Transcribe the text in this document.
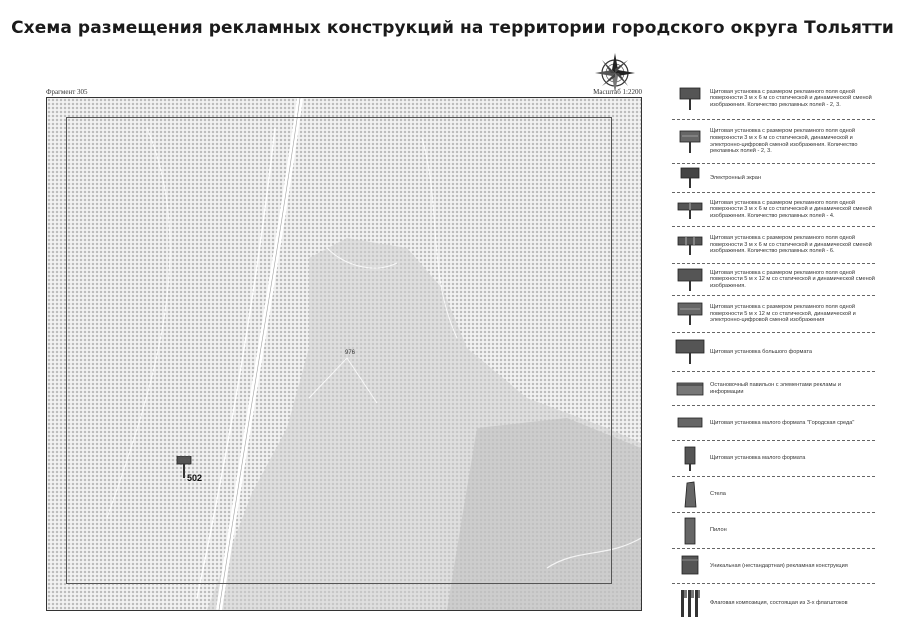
Схема размещения рекламных конструкций на территории городского округа Тольятти
Фрагмент 305	Масштаб 1:2200
976
502
Щитовая установка с размером рекламного поля одной поверхности 3 м х 6 м со статической и динамической сменой изображения. Количество рекламных полей - 2, 3.
Щитовая установка с размером рекламного поля одной поверхности 3 м х 6 м со статической, динамической и электронно-цифровой сменой изображения. Количество рекламных полей - 2, 3.
Электронный экран
Щитовая установка с размером рекламного поля одной поверхности 3 м х 6 м со статической и динамической сменой изображения. Количество рекламных полей - 4.
Щитовая установка с размером рекламного поля одной поверхности 3 м х 6 м со статической и динамической сменой изображения. Количество рекламных полей - 6.
Щитовая установка с размером рекламного поля одной поверхности 5 м х 12 м со статической и динамической сменой изображения.
Щитовая установка с размером рекламного поля одной поверхности 5 м х 12 м со статической, динамической и электронно-цифровой сменой изображения
Щитовая установка большого формата
Остановочный павильон с элементами рекламы и информации
Щитовая установка малого формата "Городская среда"
Щитовая установка малого формата
Стела
Пилон
Уникальная (нестандартная) рекламная конструкция
Флаговая композиция, состоящая из 3-х флагштоков
